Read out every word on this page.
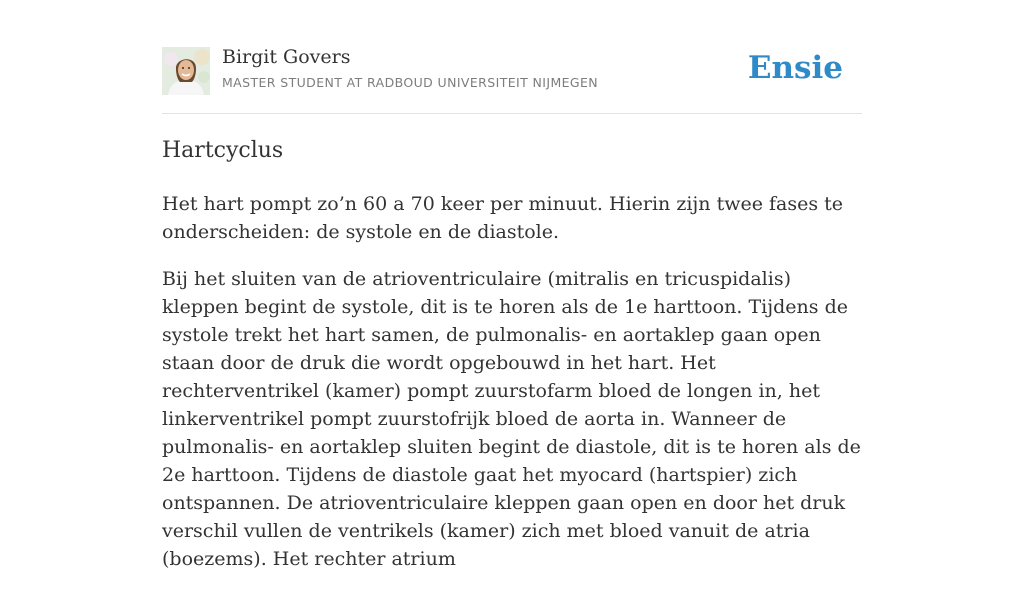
Birgit Govers
MASTER STUDENT AT RADBOUD UNIVERSITEIT NIJMEGEN	Ensie
Hartcyclus

Het hart pompt zo’n 60 a 70 keer per minuut. Hierin zijn twee fases te onderscheiden: de systole en de diastole.

Bij het sluiten van de atrioventriculaire (mitralis en tricuspidalis) kleppen begint de systole, dit is te horen als de 1e harttoon. Tijdens de systole trekt het hart samen, de pulmonalis- en aortaklep gaan open staan door de druk die wordt opgebouwd in het hart. Het rechterventrikel (kamer) pompt zuurstofarm bloed de longen in, het linkerventrikel pompt zuurstofrijk bloed de aorta in. Wanneer de pulmonalis- en aortaklep sluiten begint de diastole, dit is te horen als de 2e harttoon. Tijdens de diastole gaat het myocard (hartspier) zich ontspannen. De atrioventriculaire kleppen gaan open en door het druk verschil vullen de ventrikels (kamer) zich met bloed vanuit de atria (boezems). Het rechter atrium
